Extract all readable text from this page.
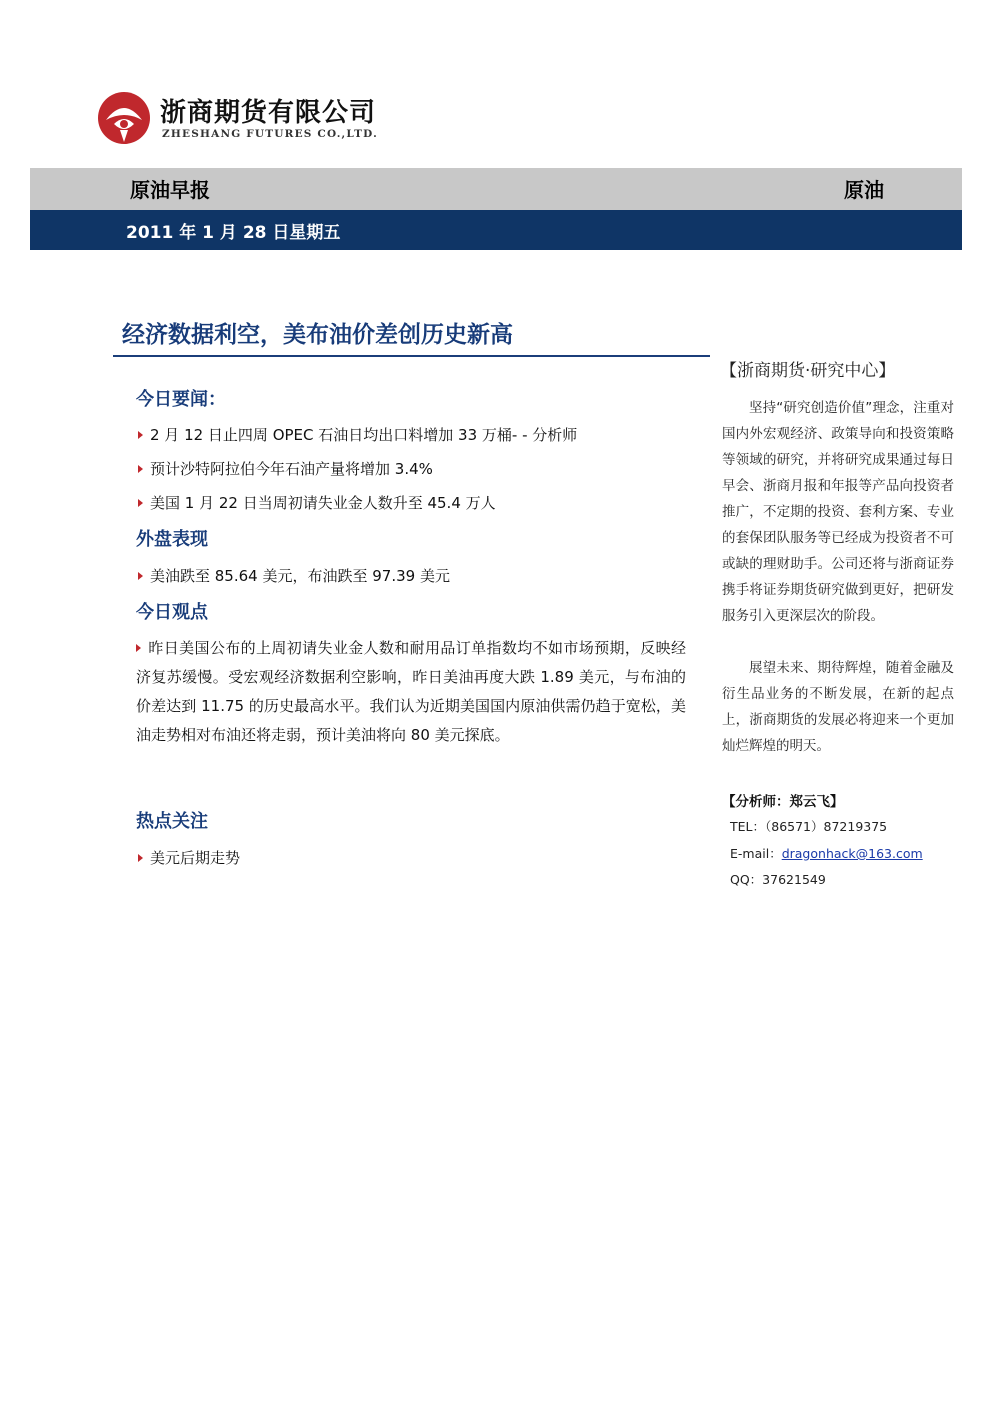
浙商期货有限公司
ZHESHANG FUTURES CO.,LTD.
原油早报	原油
2011 年 1 月 28 日星期五
经济数据利空，美布油价差创历史新高
今日要闻：
2 月 12 日止四周 OPEC 石油日均出口料增加 33 万桶- - 分析师
预计沙特阿拉伯今年石油产量将增加 3.4%
美国 1 月 22 日当周初请失业金人数升至 45.4 万人
外盘表现
美油跌至 85.64 美元，布油跌至 97.39 美元
今日观点
昨日美国公布的上周初请失业金人数和耐用品订单指数均不如市场预期，反映经济复苏缓慢。受宏观经济数据利空影响，昨日美油再度大跌 1.89 美元，与布油的价差达到 11.75 的历史最高水平。我们认为近期美国国内原油供需仍趋于宽松，美油走势相对布油还将走弱，预计美油将向 80 美元探底。
热点关注
美元后期走势
【浙商期货·研究中心】
坚持“研究创造价值”理念，注重对国内外宏观经济、政策导向和投资策略等领域的研究，并将研究成果通过每日早会、浙商月报和年报等产品向投资者推广，不定期的投资、套利方案、专业的套保团队服务等已经成为投资者不可或缺的理财助手。公司还将与浙商证券携手将证券期货研究做到更好，把研发服务引入更深层次的阶段。
展望未来、期待辉煌，随着金融及衍生品业务的不断发展，在新的起点上，浙商期货的发展必将迎来一个更加灿烂辉煌的明天。
【分析师：郑云飞】
TEL：（86571）87219375
E-mail：dragonhack@163.com
QQ：37621549
